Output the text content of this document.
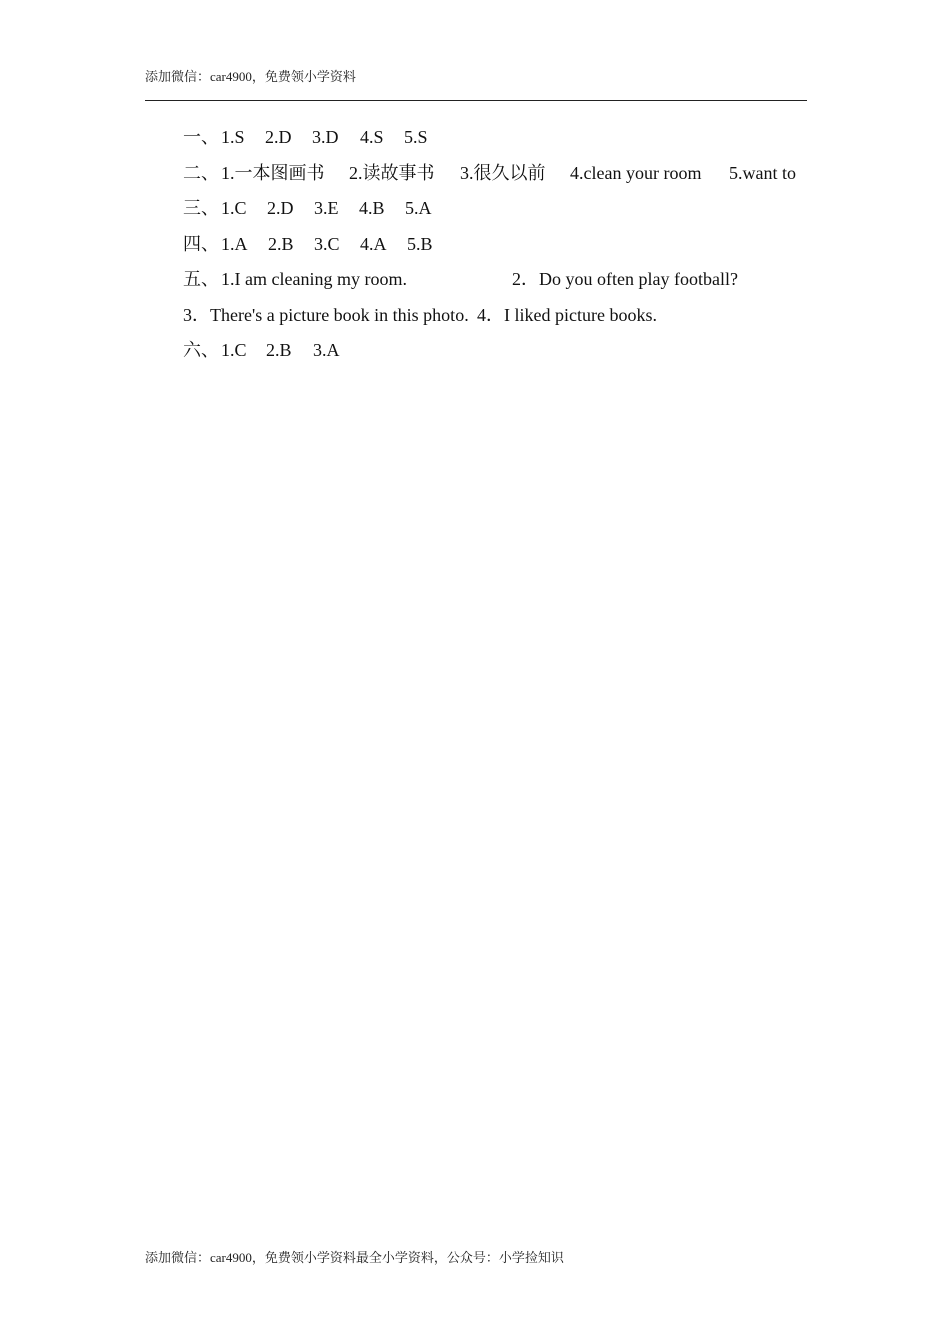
添加微信：car4900，免费领小学资料
一、 1.S 2.D 3.D 4.S 5.S
二、 1.一本图画书 2.读故事书 3.很久以前 4.clean your room 5.want to
三、 1.C 2.D 3.E 4.B 5.A
四、 1.A 2.B 3.C 4.A 5.B
五、 1.I am cleaning my room.	2．Do you often play football?
3．There's a picture book in this photo. 4．I liked picture books.
六、 1.C 2.B 3.A
添加微信：car4900，免费领小学资料最全小学资料，公众号：小学捡知识
